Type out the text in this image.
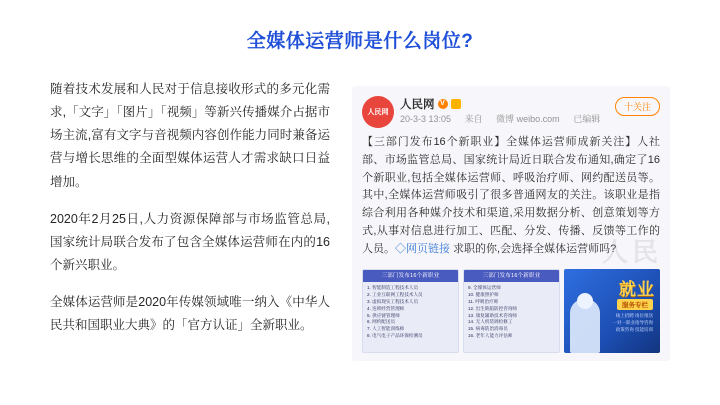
全媒体运营师是什么岗位?
随着技术发展和人民对于信息接收形式的多元化需求,「文字」「图片」「视频」等新兴传播媒介占据市场主流,富有文字与音视频内容创作能力同时兼备运营与增长思维的全面型媒体运营人才需求缺口日益增加。
2020年2月25日,人力资源保障部与市场监管总局,国家统计局联合发布了包含全媒体运营师在内的16个新兴职业。
全媒体运营师是2020年传媒领域唯一纳入《中华人民共和国职业大典》的「官方认证」全新职业。
人民网
人民网 V
20-3-3 13:05 来自 微博 weibo.com 已编辑
十关注
【三部门发布16个新职业】全媒体运营师成新关注】人社部、市场监管总局、国家统计局近日联合发布通知,确定了16个新职业,包括全媒体运营师、呼吸治疗师、网约配送员等。其中,全媒体运营师吸引了很多普通网友的关注。该职业是指综合利用各种媒介技术和渠道,采用数据分析、创意策划等方式,从事对信息进行加工、匹配、分发、传播、反馈等工作的人员。◇网页链接 求职的你,会选择全媒体运营师吗?
人民
三部门发布16个新职业
1. 智能制造工程技术人员
2. 工业互联网工程技术人员
3. 虚拟现实工程技术人员
4. 连锁经营管理师
5. 供应链管理师
6. 网约配送员
7. 人工智能训练师
8. 电气电子产品环保检测员
三部门发布16个新职业
9. 全媒体运营师
10. 健康照护师
11. 呼吸治疗师
12. 出生缺陷防控咨询师
13. 康复辅助技术咨询师
14. 无人机装调检修工
15. 病毒防治消毒员
16. 老年人能力评估师
就业
服务专栏
线上招聘 岗位推送
一对一职业指导咨询
政策咨询 技能培训
